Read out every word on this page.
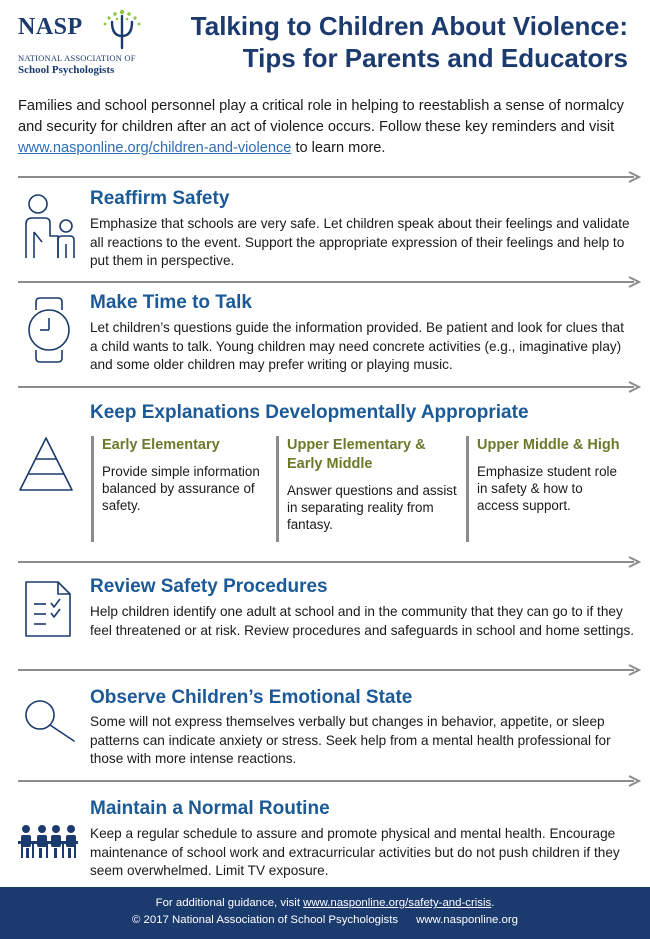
NASP
NATIONAL ASSOCIATION OF
School Psychologists
Talking to Children About Violence:
Tips for Parents and Educators
Families and school personnel play a critical role in helping to reestablish a sense of normalcy and security for children after an act of violence occurs. Follow these key reminders and visit www.nasponline.org/children-and-violence to learn more.
Reaffirm Safety
Emphasize that schools are very safe. Let children speak about their feelings and validate all reactions to the event. Support the appropriate expression of their feelings and help to put them in perspective.
Make Time to Talk
Let children’s questions guide the information provided. Be patient and look for clues that a child wants to talk. Young children may need concrete activities (e.g., imaginative play) and some older children may prefer writing or playing music.
Keep Explanations Developmentally Appropriate
Early Elementary
Provide simple information balanced by assurance of safety.
Upper Elementary & Early Middle
Answer questions and assist in separating reality from fantasy.
Upper Middle & High
Emphasize student role in safety & how to access support.
Review Safety Procedures
Help children identify one adult at school and in the community that they can go to if they feel threatened or at risk. Review procedures and safeguards in school and home settings.
Observe Children’s Emotional State
Some will not express themselves verbally but changes in behavior, appetite, or sleep patterns can indicate anxiety or stress. Seek help from a mental health professional for those with more intense reactions.
Maintain a Normal Routine
Keep a regular schedule to assure and promote physical and mental health. Encourage maintenance of school work and extracurricular activities but do not push children if they seem overwhelmed. Limit TV exposure.
For additional guidance, visit www.nasponline.org/safety-and-crisis.
© 2017 National Association of School Psychologists www.nasponline.org
